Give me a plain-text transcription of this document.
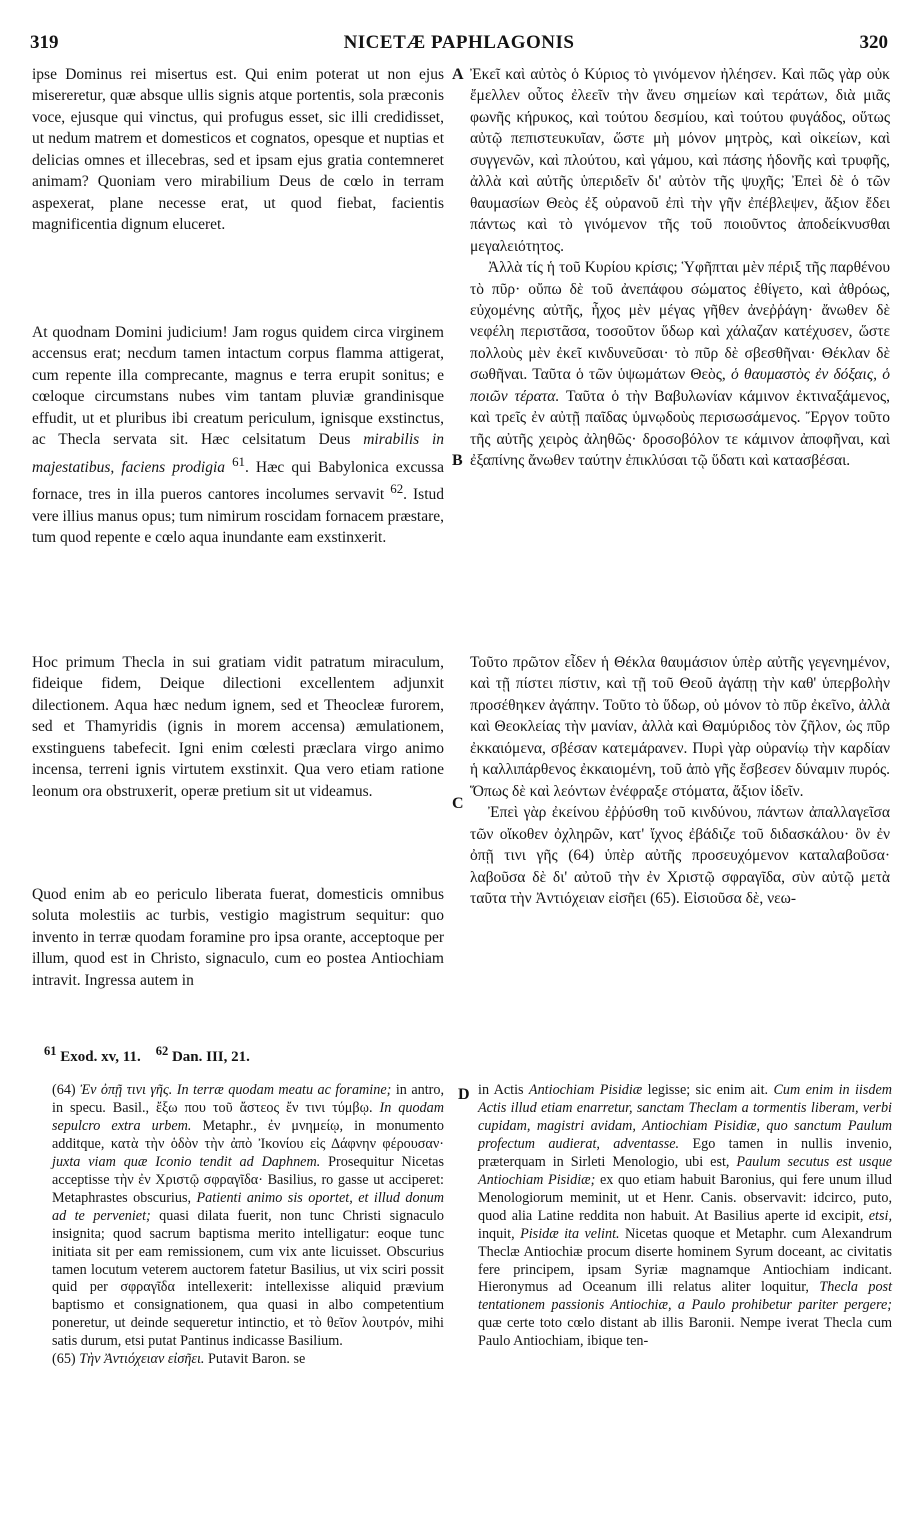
319	NICETÆ PAPHLAGONIS	320

ipse Dominus rei misertus est. Qui enim poterat ut non ejus misereretur, quæ absque ullis signis atque portentis, sola præconis voce, ejusque qui vinctus, qui profugus esset, sic illi credidisset, ut nedum matrem et domesticos et cognatos, opesque et nuptias et delicias omnes et illecebras, sed et ipsam ejus gratia contemneret animam? Quoniam vero mirabilium Deus de cœlo in terram aspexerat, plane necesse erat, ut quod fiebat, facientis magnificentia dignum eluceret.

At quodnam Domini judicium! Jam rogus quidem circa virginem accensus erat; necdum tamen intactum corpus flamma attigerat, cum repente illa comprecante, magnus e terra erupit sonitus; e cœloque circumstans nubes vim tantam pluviæ grandinisque effudit, ut et pluribus ibi creatum periculum, ignisque exstinctus, ac Thecla servata sit. Hæc celsitatum Deus mirabilis in majestatibus, faciens prodigia $^{61}$. Hæc qui Babylonica excussa fornace, tres in illa pueros cantores incolumes servavit $^{62}$. Istud vere illius manus opus; tum nimirum roscidam fornacem præstare, tum quod repente e cœlo aqua inundante eam exstinxerit.

Hoc primum Thecla in sui gratiam vidit patratum miraculum, fideique fidem, Deique dilectioni excellentem adjunxit dilectionem. Aqua hæc nedum ignem, sed et Theocleæ furorem, sed et Thamyridis (ignis in morem accensa) æmulationem, exstinguens tabefecit. Igni enim cœlesti præclara virgo animo incensa, terreni ignis virtutem exstinxit. Qua vero etiam ratione leonum ora obstruxerit, operæ pretium sit ut videamus.

Quod enim ab eo periculo liberata fuerat, domesticis omnibus soluta molestiis ac turbis, vestigio magistrum sequitur: quo invento in terræ quodam foramine pro ipsa orante, acceptoque per illum, quod est in Christo, signaculo, cum eo postea Antiochiam intravit. Ingressa autem in

A
B
C
D

Ἐκεῖ καὶ αὐτὸς ὁ Κύριος τὸ γινόμενον ἠλέησεν. Καὶ πῶς γὰρ οὐκ ἔμελλεν οὗτος ἐλεεῖν τὴν ἄνευ σημείων καὶ τεράτων, διὰ μιᾶς φωνῆς κήρυκος, καὶ τούτου δεσμίου, καὶ τούτου φυγάδος, οὕτως αὐτῷ πεπιστευκυῖαν, ὥστε μὴ μόνον μητρὸς, καὶ οἰκείων, καὶ συγγενῶν, καὶ πλούτου, καὶ γάμου, καὶ πάσης ἡδονῆς καὶ τρυφῆς, ἀλλὰ καὶ αὐτῆς ὑπεριδεῖν δι' αὐτὸν τῆς ψυχῆς; Ἐπεὶ δὲ ὁ τῶν θαυμασίων Θεὸς ἐξ οὐρανοῦ ἐπὶ τὴν γῆν ἐπέβλεψεν, ἄξιον ἔδει πάντως καὶ τὸ γινόμενον τῆς τοῦ ποιοῦντος ἀποδείκνυσθαι μεγαλειότητος.

Ἀλλὰ τίς ἡ τοῦ Κυρίου κρίσις; Ὑφῆπται μὲν πέριξ τῆς παρθένου τὸ πῦρ· οὔπω δὲ τοῦ ἀνεπάφου σώματος ἐθίγετο, καὶ ἀθρόως, εὐχομένης αὐτῆς, ἦχος μὲν μέγας γῆθεν ἀνεῤῥάγη· ἄνωθεν δὲ νεφέλη περιστᾶσα, τοσοῦτον ὕδωρ καὶ χάλαζαν κατέχυσεν, ὥστε πολλοὺς μὲν ἐκεῖ κινδυνεῦσαι· τὸ πῦρ δὲ σβεσθῆναι· Θέκλαν δὲ σωθῆναι. Ταῦτα ὁ τῶν ὑψωμάτων Θεὸς, ὁ θαυμαστὸς ἐν δόξαις, ὁ ποιῶν τέρατα. Ταῦτα ὁ τὴν Βαβυλωνίαν κάμινον ἐκτιναξάμενος, καὶ τρεῖς ἐν αὐτῇ παῖδας ὑμνῳδοὺς περισωσάμενος. Ἔργον τοῦτο τῆς αὐτῆς χειρὸς ἀληθῶς· δροσοβόλον τε κάμινον ἀποφῆναι, καὶ ἐξαπίνης ἄνωθεν ταύτην ἐπικλύσαι τῷ ὕδατι καὶ κατασβέσαι.

Τοῦτο πρῶτον εἶδεν ἡ Θέκλα θαυμάσιον ὑπὲρ αὐτῆς γεγενημένον, καὶ τῇ πίστει πίστιν, καὶ τῇ τοῦ Θεοῦ ἀγάπῃ τὴν καθ' ὑπερβολὴν προσέθηκεν ἀγάπην. Τοῦτο τὸ ὕδωρ, οὐ μόνον τὸ πῦρ ἐκεῖνο, ἀλλὰ καὶ Θεοκλείας τὴν μανίαν, ἀλλὰ καὶ Θαμύριδος τὸν ζῆλον, ὡς πῦρ ἐκκαιόμενα, σβέσαν κατεμάρανεν. Πυρὶ γὰρ οὐρανίῳ τὴν καρδίαν ἡ καλλιπάρθενος ἐκκαιομένη, τοῦ ἀπὸ γῆς ἔσβεσεν δύναμιν πυρός. Ὅπως δὲ καὶ λεόντων ἐνέφραξε στόματα, ἄξιον ἰδεῖν.

Ἐπεὶ γὰρ ἐκείνου ἐῤῥύσθη τοῦ κινδύνου, πάντων ἀπαλλαγεῖσα τῶν οἴκοθεν ὀχληρῶν, κατ' ἴχνος ἐβάδιζε τοῦ διδασκάλου· ὃν ἐν ὀπῇ τινι γῆς (64) ὑπὲρ αὐτῆς προσευχόμενον καταλαβοῦσα· λαβοῦσα δὲ δι' αὐτοῦ τὴν ἐν Χριστῷ σφραγῖδα, σὺν αὐτῷ μετὰ ταῦτα τὴν Ἀντιόχειαν εἰσῆει (65). Εἰσιοῦσα δὲ, νεω-

$^{61}$ Exod. xv, 11. $^{62}$ Dan. III, 21.

(64) Ἐν ὀπῇ τινι γῆς. In terræ quodam meatu ac foramine; in antro, in specu. Basil., ἔξω που τοῦ ἄστεος ἔν τινι τύμβῳ. In quodam sepulcro extra urbem. Metaphr., ἐν μνημείῳ, in monumento additque, κατὰ τὴν ὁδὸν τὴν ἀπὸ Ἰκονίου εἰς Δάφνην φέρουσαν· juxta viam quæ Iconio tendit ad Daphnem. Prosequitur Nicetas acceptisse τὴν ἐν Χριστῷ σφραγῖδα· Basilius, ro gasse ut acciperet: Metaphrastes obscurius, Patienti animo sis oportet, et illud donum ad te perveniet; quasi dilata fuerit, non tunc Christi signaculo insignita; quod sacrum baptisma merito intelligatur: eoque tunc initiata sit per eam remissionem, cum vix ante licuisset. Obscurius tamen locutum veterem auctorem fatetur Basilius, ut vix sciri possit quid per σφραγῖδα intellexerit: intellexisse aliquid prævium baptismo et consignationem, qua quasi in albo competentium poneretur, ut deinde sequeretur intinctio, et τὸ θεῖον λουτρόν, mihi satis durum, etsi putat Pantinus indicasse Basilium.

(65) Τὴν Ἀντιόχειαν εἰσῆει. Putavit Baron. se

in Actis Antiochiam Pisidiæ legisse; sic enim ait. Cum enim in iisdem Actis illud etiam enarretur, sanctam Theclam a tormentis liberam, verbi cupidam, magistri avidam, Antiochiam Pisidiæ, quo sanctum Paulum profectum audierat, adventasse. Ego tamen in nullis invenio, præterquam in Sirleti Menologio, ubi est, Paulum secutus est usque Antiochiam Pisidiæ; ex quo etiam habuit Baronius, qui fere unum illud Menologiorum meminit, ut et Henr. Canis. observavit: idcirco, puto, quod alia Latine reddita non habuit. At Basilius aperte id excipit, etsi, inquit, Pisidæ ita velint. Nicetas quoque et Metaphr. cum Alexandrum Theclæ Antiochiæ procum diserte hominem Syrum doceant, ac civitatis fere principem, ipsam Syriæ magnamque Antiochiam indicant. Hieronymus ad Oceanum illi relatus aliter loquitur, Thecla post tentationem passionis Antiochiæ, a Paulo prohibetur pariter pergere; quæ certe toto cœlo distant ab illis Baronii. Nempe iverat Thecla cum Paulo Antiochiam, ibique ten-
